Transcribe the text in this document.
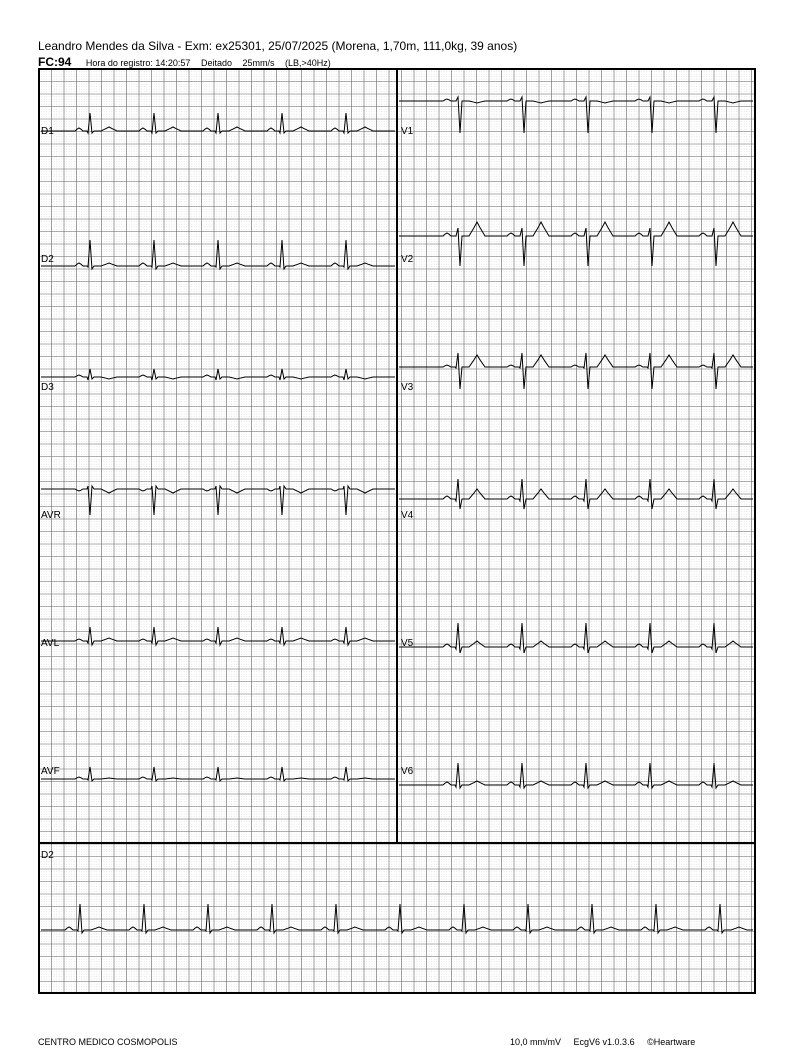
Leandro Mendes da Silva - Exm: ex25301, 25/07/2025 (Morena, 1,70m, 111,0kg, 39 anos)
FC:94 Hora do registro: 14:20:57 Deitado 25mm/s (LB,>40Hz)
D1
D2
D3
AVR
AVL
AVF
V1
V2
V3
V4
V5
V6
D2
CENTRO MEDICO COSMOPOLIS	10,0 mm/mV EcgV6 v1.0.3.6 ©Heartware
